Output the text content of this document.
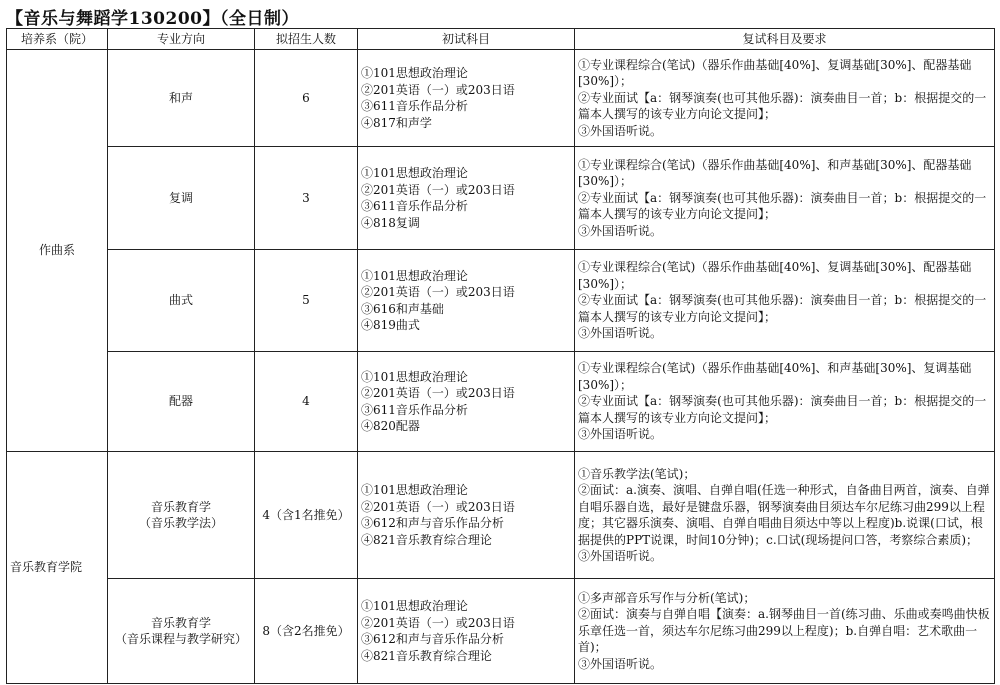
【音乐与舞蹈学130200】（全日制）
培养系（院）	专业方向	拟招生人数	初试科目	复试科目及要求
作曲系	和声	6	①101思想政治理论
②201英语（一）或203日语
③611音乐作品分析
④817和声学	①专业课程综合(笔试)（器乐作曲基础[40%]、复调基础[30%]、配器基础[30%]）；
②专业面试【a：钢琴演奏(也可其他乐器)：演奏曲目一首；b：根据提交的一篇本人撰写的该专业方向论文提问】；
③外国语听说。

	复调	3	①101思想政治理论
②201英语（一）或203日语
③611音乐作品分析
④818复调	①专业课程综合(笔试)（器乐作曲基础[40%]、和声基础[30%]、配器基础[30%]）；
②专业面试【a：钢琴演奏(也可其他乐器)：演奏曲目一首；b：根据提交的一篇本人撰写的该专业方向论文提问】；
③外国语听说。

	曲式	5	①101思想政治理论
②201英语（一）或203日语
③616和声基础
④819曲式	①专业课程综合(笔试)（器乐作曲基础[40%]、复调基础[30%]、配器基础[30%]）；
②专业面试【a：钢琴演奏(也可其他乐器)：演奏曲目一首；b：根据提交的一篇本人撰写的该专业方向论文提问】；
③外国语听说。

	配器	4	①101思想政治理论
②201英语（一）或203日语
③611音乐作品分析
④820配器	①专业课程综合(笔试)（器乐作曲基础[40%]、和声基础[30%]、复调基础[30%]）；
②专业面试【a：钢琴演奏(也可其他乐器)：演奏曲目一首；b：根据提交的一篇本人撰写的该专业方向论文提问】；
③外国语听说。

音乐教育学院	音乐教育学
（音乐教学法）	4（含1名推免）	①101思想政治理论
②201英语（一）或203日语
③612和声与音乐作品分析
④821音乐教育综合理论	①音乐教学法(笔试)；
②面试：a.演奏、演唱、自弹自唱(任选一种形式，自备曲目两首，演奏、自弹自唱乐器自选，最好是键盘乐器，钢琴演奏曲目须达车尔尼练习曲299以上程度；其它器乐演奏、演唱、自弹自唱曲目须达中等以上程度)b.说课(口试，根据提供的PPT说课，时间10分钟)；c.口试(现场提问口答，考察综合素质)；
③外国语听说。

	音乐教育学
（音乐课程与教学研究）	8（含2名推免）	①101思想政治理论
②201英语（一）或203日语
③612和声与音乐作品分析
④821音乐教育综合理论	①多声部音乐写作与分析(笔试)；
②面试：演奏与自弹自唱【演奏：a.钢琴曲目一首(练习曲、乐曲或奏鸣曲快板乐章任选一首，须达车尔尼练习曲299以上程度)；b.自弹自唱：艺术歌曲一首)；
③外国语听说。
